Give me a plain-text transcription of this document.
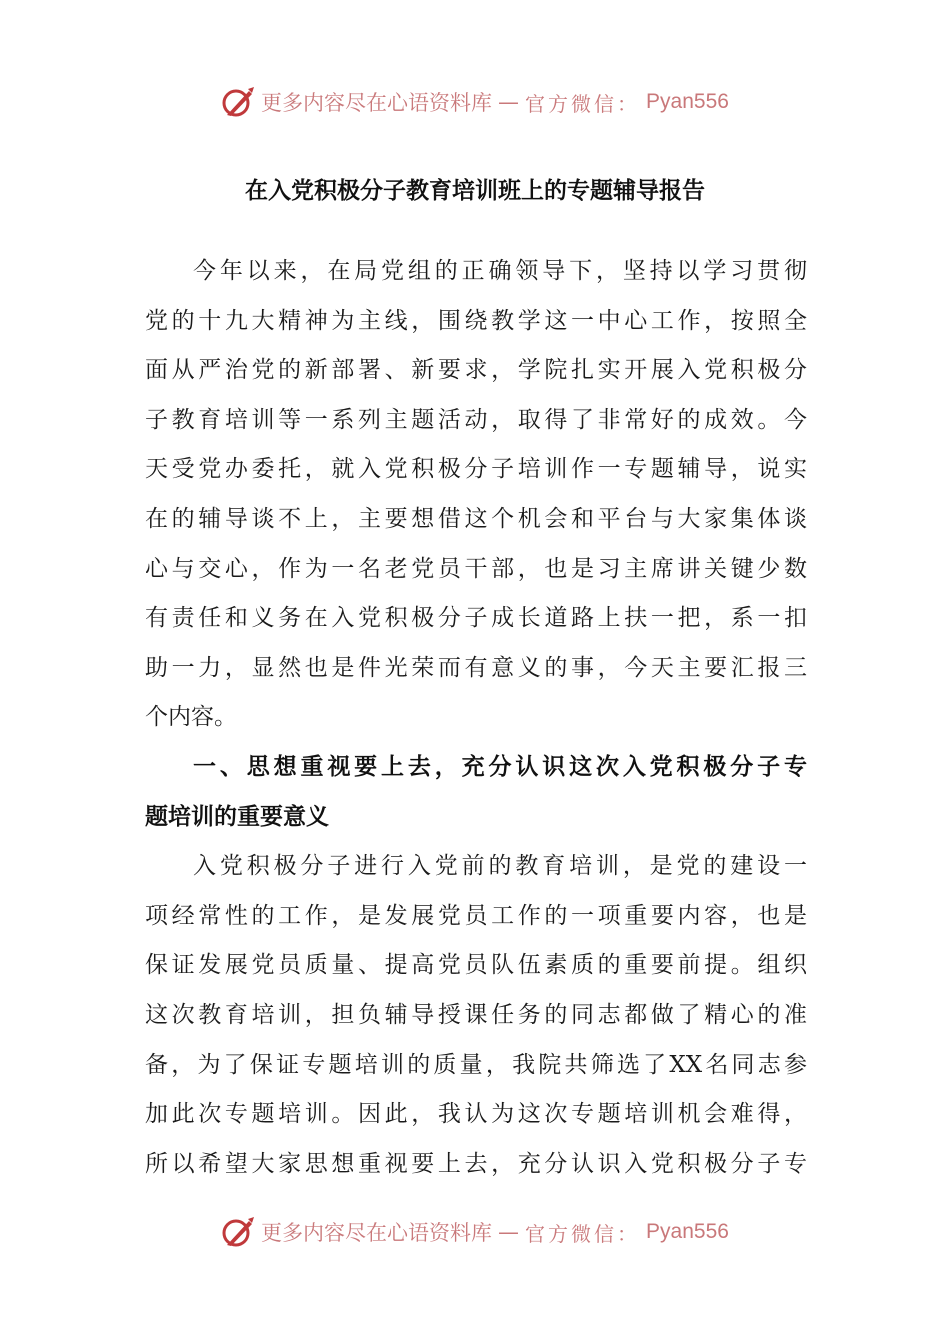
更多内容尽在心语资料库 — 官方微信： Pyan556
在入党积极分子教育培训班上的专题辅导报告
今年以来，在局党组的正确领导下，坚持以学习贯彻
党的十九大精神为主线，围绕教学这一中心工作，按照全
面从严治党的新部署、新要求，学院扎实开展入党积极分
子教育培训等一系列主题活动，取得了非常好的成效。今
天受党办委托，就入党积极分子培训作一专题辅导，说实
在的辅导谈不上，主要想借这个机会和平台与大家集体谈
心与交心，作为一名老党员干部，也是习主席讲关键少数
有责任和义务在入党积极分子成长道路上扶一把，系一扣
助一力，显然也是件光荣而有意义的事，今天主要汇报三
个内容。
一、思想重视要上去，充分认识这次入党积极分子专
题培训的重要意义
入党积极分子进行入党前的教育培训，是党的建设一
项经常性的工作，是发展党员工作的一项重要内容，也是
保证发展党员质量、提高党员队伍素质的重要前提。组织
这次教育培训，担负辅导授课任务的同志都做了精心的准
备，为了保证专题培训的质量，我院共筛选了XX名同志参
加此次专题培训。因此，我认为这次专题培训机会难得，
所以希望大家思想重视要上去，充分认识入党积极分子专
更多内容尽在心语资料库 — 官方微信： Pyan556
